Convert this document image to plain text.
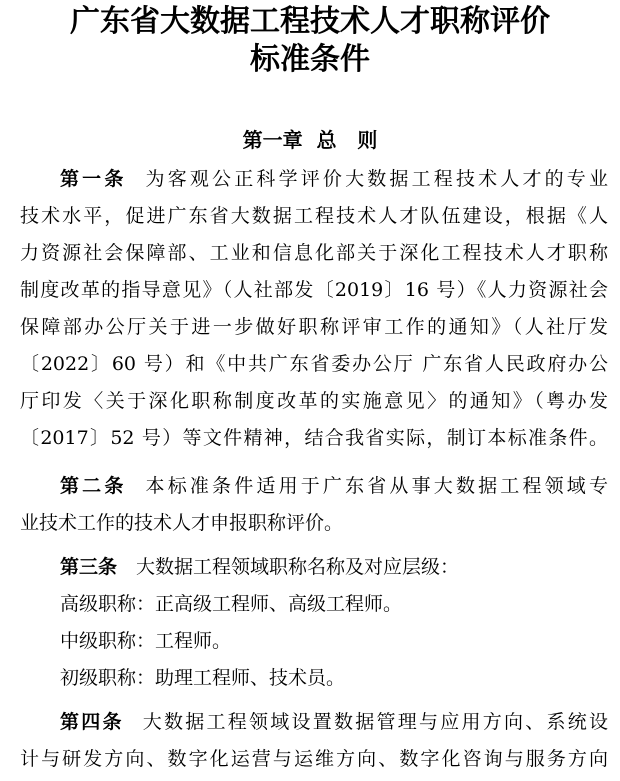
广东省大数据工程技术人才职称评价
标准条件
第一章  总   则
第一条 为客观公正科学评价大数据工程技术人才的专业
技术水平，促进广东省大数据工程技术人才队伍建设，根据《人
力资源社会保障部、工业和信息化部关于深化工程技术人才职称
制度改革的指导意见》（人社部发〔2019〕16 号）《人力资源社会
保障部办公厅关于进一步做好职称评审工作的通知》（人社厅发
〔2022〕60 号）和《中共广东省委办公厅 广东省人民政府办公
厅印发〈关于深化职称制度改革的实施意见〉的通知》（粤办发
〔2017〕52 号）等文件精神，结合我省实际，制订本标准条件。
第二条 本标准条件适用于广东省从事大数据工程领域专
业技术工作的技术人才申报职称评价。
第三条 大数据工程领域职称名称及对应层级：
高级职称：正高级工程师、高级工程师。
中级职称：工程师。
初级职称：助理工程师、技术员。
第四条 大数据工程领域设置数据管理与应用方向、系统设
计与研发方向、数字化运营与运维方向、数字化咨询与服务方向
